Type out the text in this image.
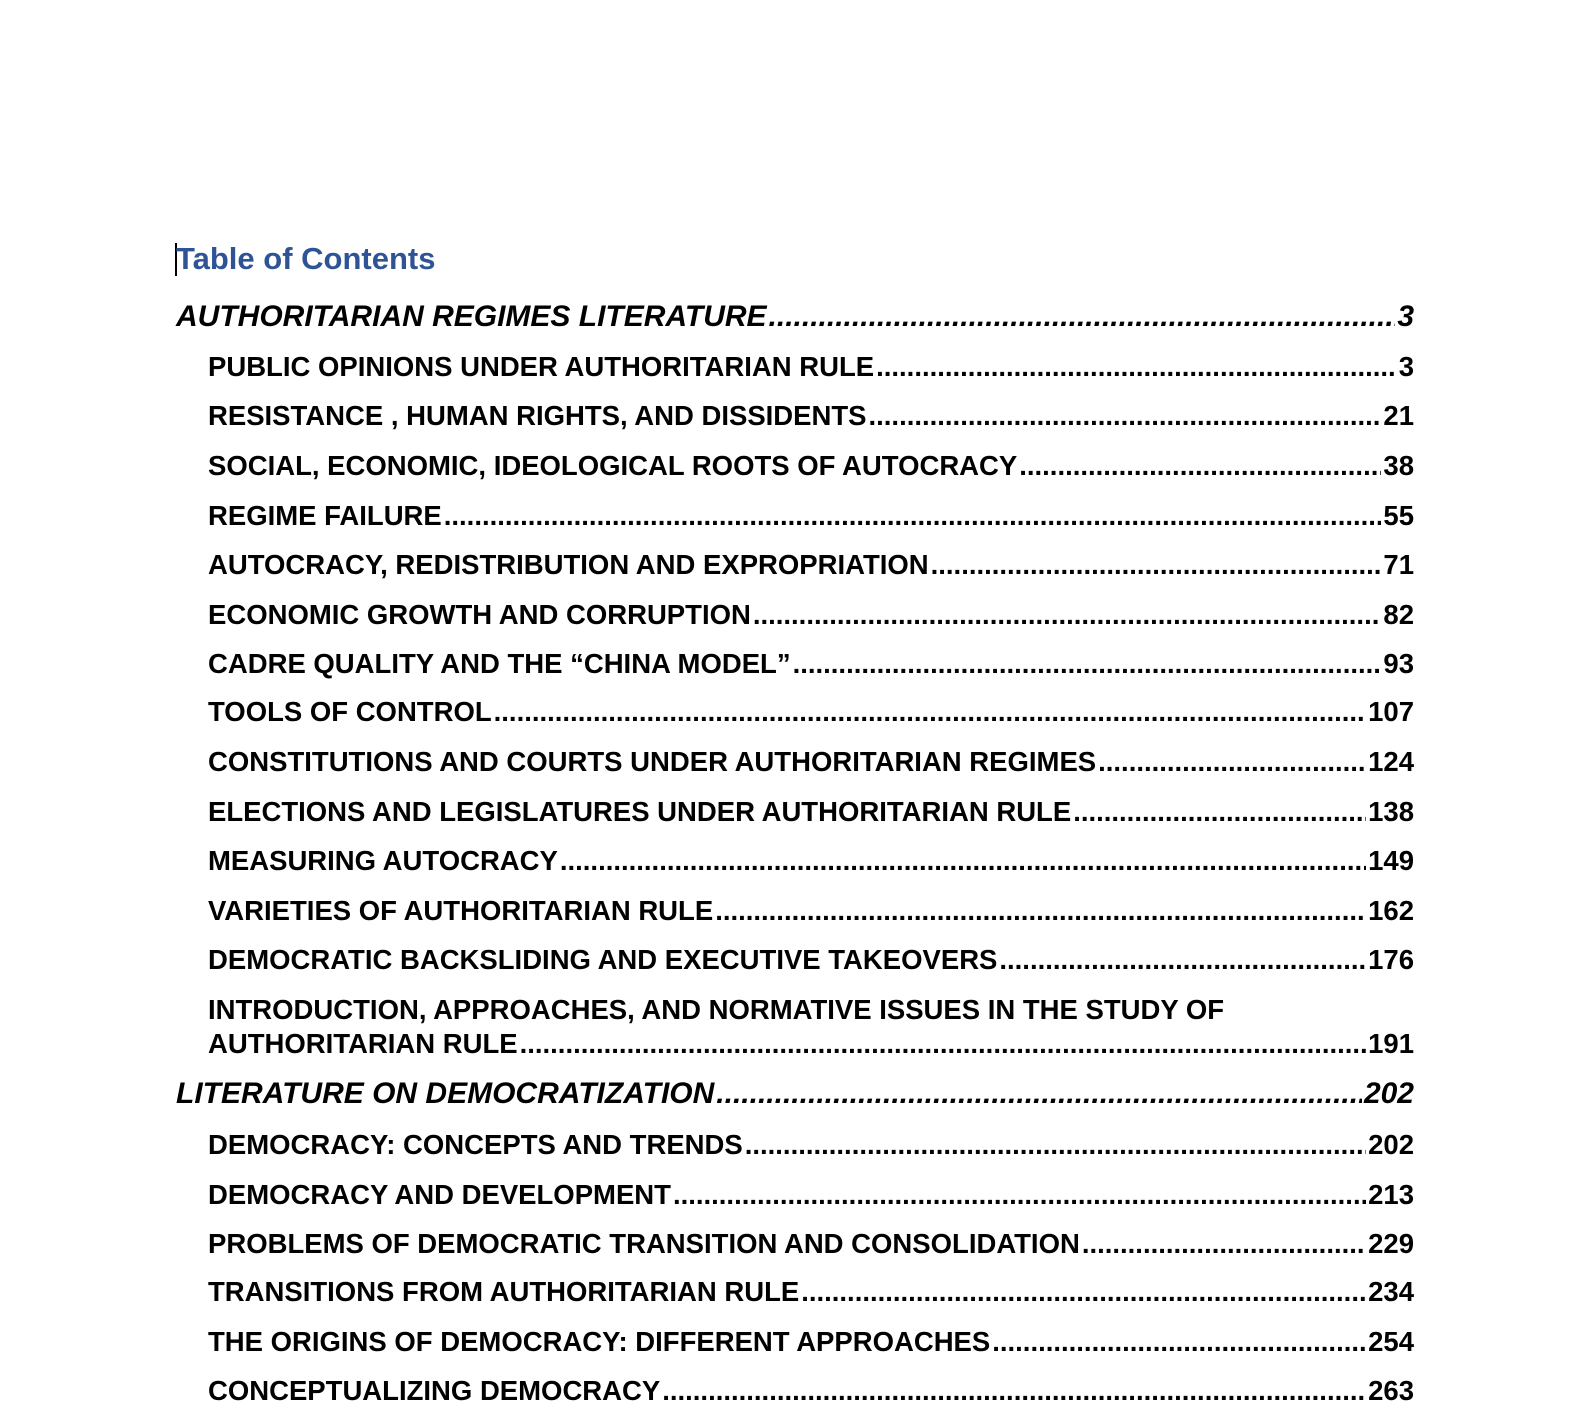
Table of Contents
AUTHORITARIAN REGIMES LITERATURE .....	3
PUBLIC OPINIONS UNDER AUTHORITARIAN RULE .....	3
RESISTANCE , HUMAN RIGHTS, AND DISSIDENTS .....	21
SOCIAL, ECONOMIC, IDEOLOGICAL ROOTS OF AUTOCRACY .....	38
REGIME FAILURE .....	55
AUTOCRACY, REDISTRIBUTION AND EXPROPRIATION .....	71
ECONOMIC GROWTH AND CORRUPTION .....	82
CADRE QUALITY AND THE “CHINA MODEL” .....	93
TOOLS OF CONTROL .....	107
CONSTITUTIONS AND COURTS UNDER AUTHORITARIAN REGIMES .....	124
ELECTIONS AND LEGISLATURES UNDER AUTHORITARIAN RULE .....	138
MEASURING AUTOCRACY .....	149
VARIETIES OF AUTHORITARIAN RULE .....	162
DEMOCRATIC BACKSLIDING AND EXECUTIVE TAKEOVERS .....	176
INTRODUCTION, APPROACHES, AND NORMATIVE ISSUES IN THE STUDY OF
AUTHORITARIAN RULE .....	191
LITERATURE ON DEMOCRATIZATION .....	202
DEMOCRACY: CONCEPTS AND TRENDS .....	202
DEMOCRACY AND DEVELOPMENT .....	213
PROBLEMS OF DEMOCRATIC TRANSITION AND CONSOLIDATION .....	229
TRANSITIONS FROM AUTHORITARIAN RULE .....	234
THE ORIGINS OF DEMOCRACY: DIFFERENT APPROACHES .....	254
CONCEPTUALIZING DEMOCRACY .....	263
